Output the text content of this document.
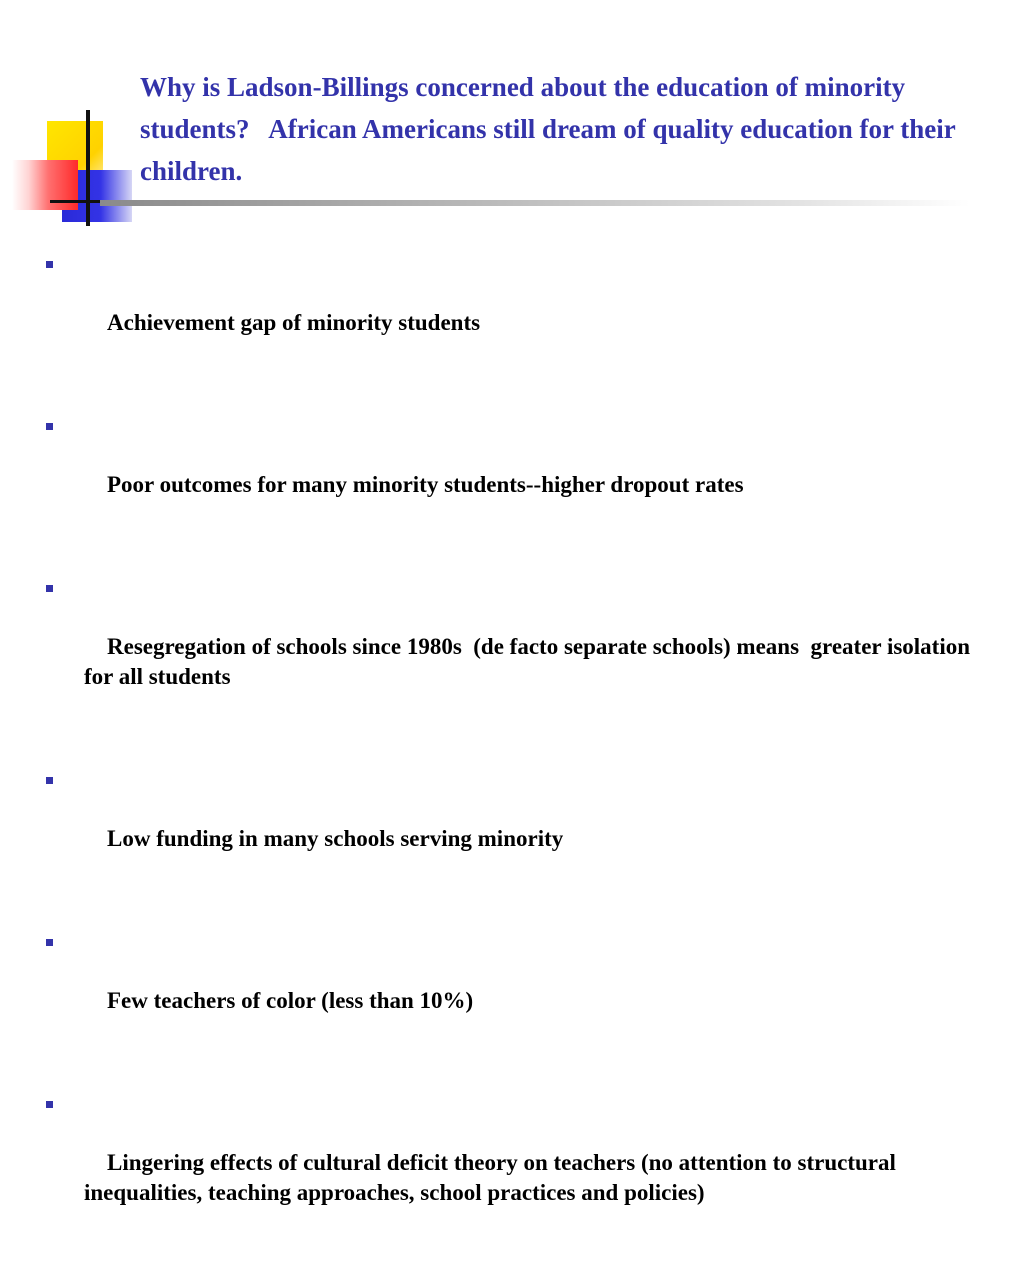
Why is Ladson-Billings concerned about the education of minority students?   African Americans still dream of quality education for their children.

Achievement gap of minority students

Poor outcomes for many minority students--higher dropout rates

Resegregation of schools since 1980s  (de facto separate schools) means  greater isolation for all students

Low funding in many schools serving minority

Few teachers of color (less than 10%)

Lingering effects of cultural deficit theory on teachers (no attention to structural inequalities, teaching approaches, school practices and policies)
